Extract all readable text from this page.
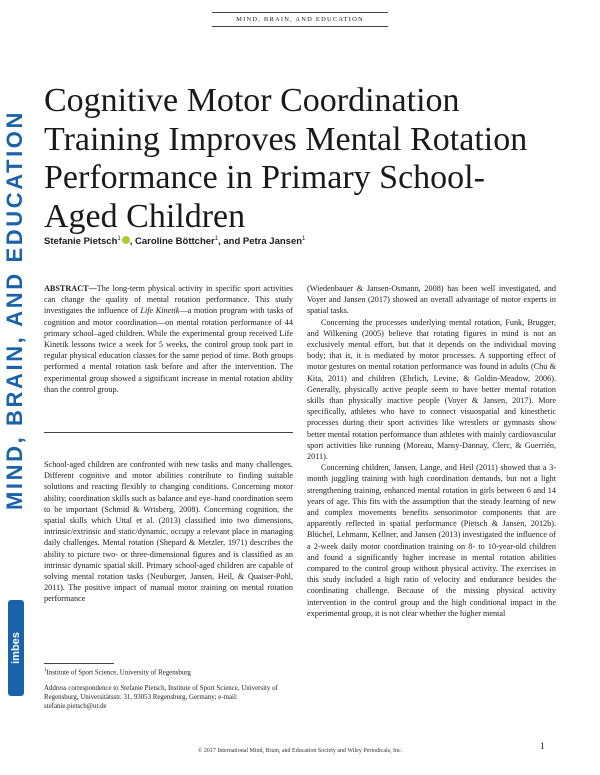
MIND, BRAIN, AND EDUCATION
MIND, BRAIN, AND EDUCATION
imbes
Cognitive Motor Coordination Training Improves Mental Rotation Performance in Primary School-Aged Children
Stefanie Pietsch$^1$ , Caroline Böttcher$^1$, and Petra Jansen$^1$

ABSTRACT—The long-term physical activity in specific sport activities can change the quality of mental rotation performance. This study investigates the influence of Life Kinetik—a motion program with tasks of cognition and motor coordination—on mental rotation performance of 44 primary school–aged children. While the experimental group received Life Kinetik lessons twice a week for 5 weeks, the control group took part in regular physical education classes for the same period of time. Both groups performed a mental rotation task before and after the intervention. The experimental group showed a significant increase in mental rotation ability than the control group.

School-aged children are confronted with new tasks and many challenges. Different cognitive and motor abilities contribute to finding suitable solutions and reacting flexibly to changing conditions. Concerning motor ability, coordination skills such as balance and eye–hand coordination seem to be important (Schmid & Wrisberg, 2008). Concerning cognition, the spatial skills which Uttal et al. (2013) classified into two dimensions, intrinsic/extrinsic and static/dynamic, occupy a relevant place in managing daily challenges. Mental rotation (Shepard & Metzler, 1971) describes the ability to picture two- or three-dimensional figures and is classified as an intrinsic dynamic spatial skill. Primary school-aged children are capable of solving mental rotation tasks (Neuburger, Jansen, Heil, & Quaiser-Pohl, 2011). The positive impact of manual motor training on mental rotation performance

(Wiedenbauer & Jansen-Osmann, 2008) has been well investigated, and Voyer and Jansen (2017) showed an overall advantage of motor experts in spatial tasks.

Concerning the processes underlying mental rotation, Funk, Brugger, and Wilkening (2005) believe that rotating figures in mind is not an exclusively mental effort, but that it depends on the individual moving body; that is, it is mediated by motor processes. A supporting effect of motor gestures on mental rotation performance was found in adults (Chu & Kita, 2011) and children (Ehrlich, Levine, & Goldin-Meadow, 2006). Generally, physically active people seem to have better mental rotation skills than physically inactive people (Voyer & Jansen, 2017). More specifically, athletes who have to connect visuospatial and kinesthetic processes during their sport activities like wrestlers or gymnasts show better mental rotation performance than athletes with mainly cardiovascular sport activities like running (Moreau, Mansy-Dannay, Clerc, & Guerrién, 2011).

Concerning children, Jansen, Lange, and Heil (2011) showed that a 3-month juggling training with high coordination demands, but not a light strengthening training, enhanced mental rotation in girls between 6 and 14 years of age. This fits with the assumption that the steady learning of new and complex movements benefits sensorimotor components that are apparently reflected in spatial performance (Pietsch & Jansen, 2012b). Blüchel, Lehmann, Kellner, and Jansen (2013) investigated the influence of a 2-week daily motor coordination training on 8- to 10-year-old children and found a significantly higher increase in mental rotation abilities compared to the control group without physical activity. The exercises in this study included a high ratio of velocity and endurance besides the coordinating challenge. Because of the missing physical activity intervention in the control group and the high conditional impact in the experimental group, it is not clear whether the higher mental

$^1$Institute of Sport Science, University of Regensburg

Address correspondence to Stefanie Pietsch, Institute of Sport Science, University of Regensburg, Universitätsstr. 31, 93053 Regensburg, Germany; e-mail: stefanie.pietsch@ur.de

© 2017 International Mind, Brain, and Education Society and Wiley Periodicals, Inc.	1
